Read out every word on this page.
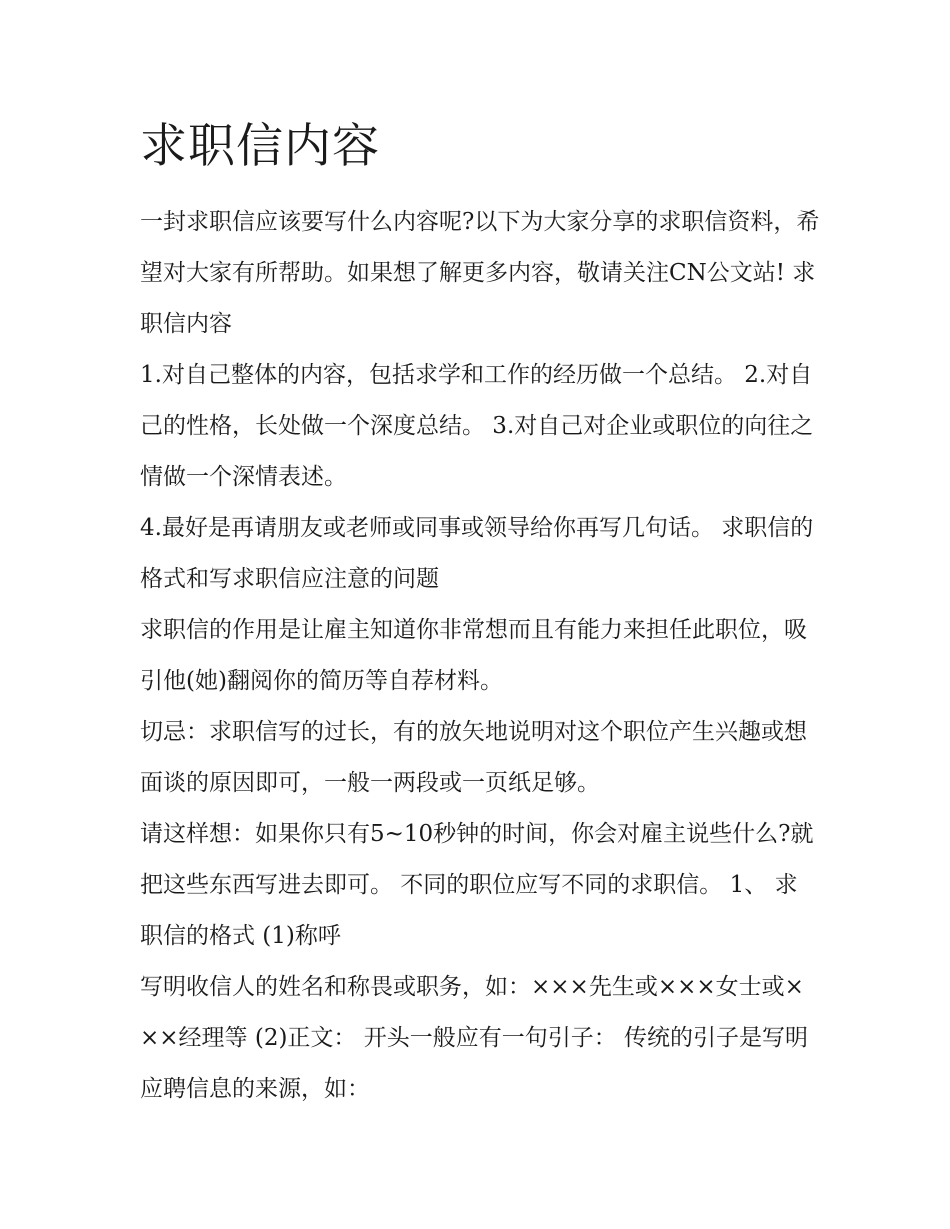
求职信内容

一封求职信应该要写什么内容呢?以下为大家分享的求职信资料，希望对大家有所帮助。如果想了解更多内容，敬请关注CN公文站! 求职信内容

1.对自己整体的内容，包括求学和工作的经历做一个总结。 2.对自己的性格，长处做一个深度总结。 3.对自己对企业或职位的向往之情做一个深情表述。

4.最好是再请朋友或老师或同事或领导给你再写几句话。 求职信的格式和写求职信应注意的问题

求职信的作用是让雇主知道你非常想而且有能力来担任此职位，吸引他(她)翻阅你的简历等自荐材料。

切忌：求职信写的过长，有的放矢地说明对这个职位产生兴趣或想面谈的原因即可，一般一两段或一页纸足够。

请这样想：如果你只有5~10秒钟的时间，你会对雇主说些什么?就把这些东西写进去即可。 不同的职位应写不同的求职信。 1、 求职信的格式 (1)称呼

写明收信人的姓名和称畏或职务，如：×××先生或×××女士或×××经理等 (2)正文： 开头一般应有一句引子： 传统的引子是写明应聘信息的来源，如：
